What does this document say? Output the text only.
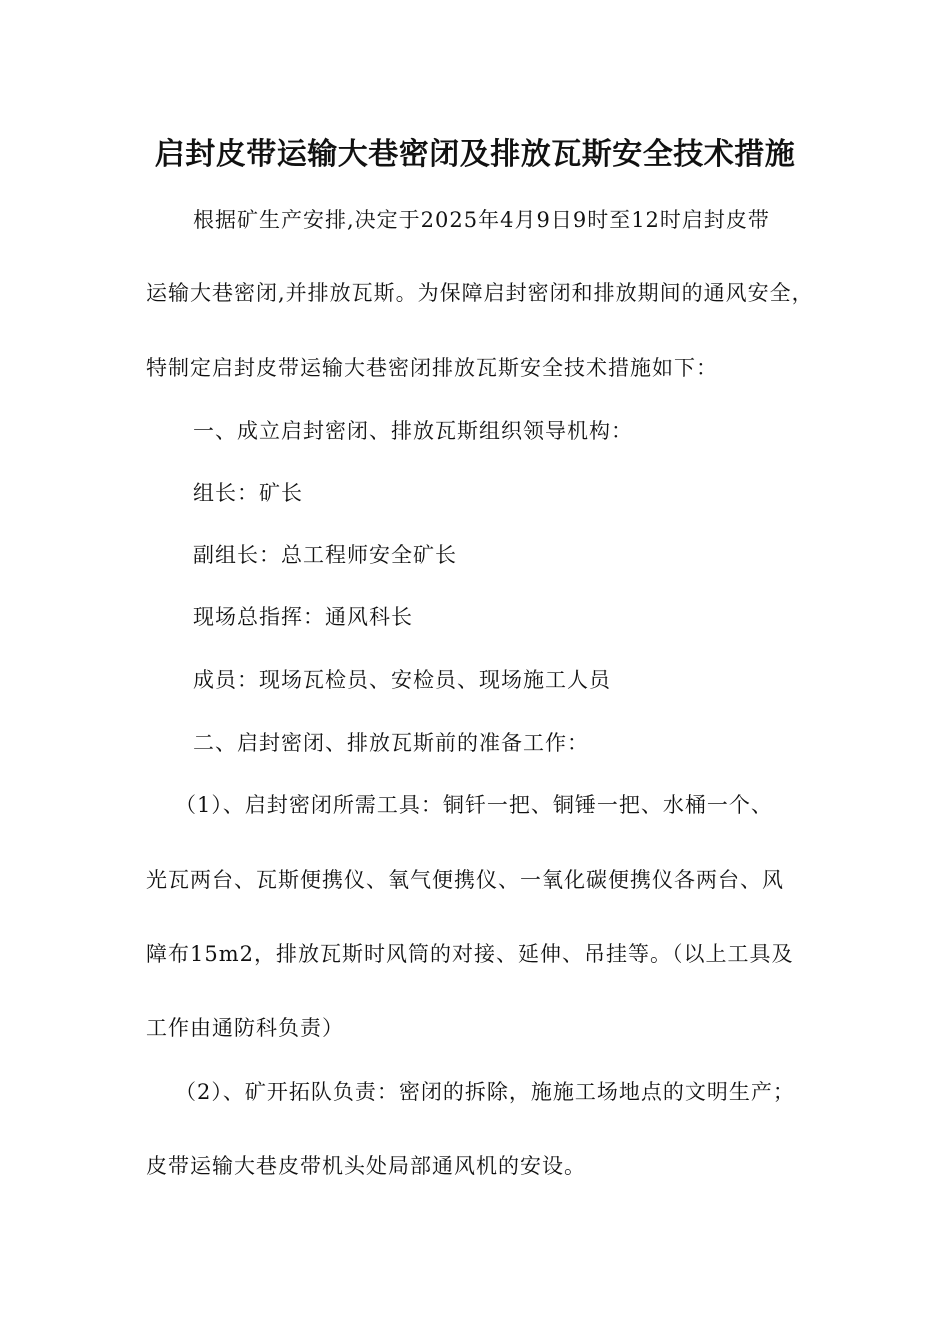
启封皮带运输大巷密闭及排放瓦斯安全技术措施
根据矿生产安排,决定于2025年4月9日9时至12时启封皮带
运输大巷密闭,并排放瓦斯。为保障启封密闭和排放期间的通风安全，
特制定启封皮带运输大巷密闭排放瓦斯安全技术措施如下：
一、成立启封密闭、排放瓦斯组织领导机构：
组长：矿长
副组长：总工程师安全矿长
现场总指挥：通风科长
成员：现场瓦检员、安检员、现场施工人员
二、启封密闭、排放瓦斯前的准备工作：
（1）、启封密闭所需工具：铜钎一把、铜锤一把、水桶一个、
光瓦两台、瓦斯便携仪、氧气便携仪、一氧化碳便携仪各两台、风
障布15m2，排放瓦斯时风筒的对接、延伸、吊挂等。（以上工具及
工作由通防科负责）
（2）、矿开拓队负责：密闭的拆除，施施工场地点的文明生产；
皮带运输大巷皮带机头处局部通风机的安设。
